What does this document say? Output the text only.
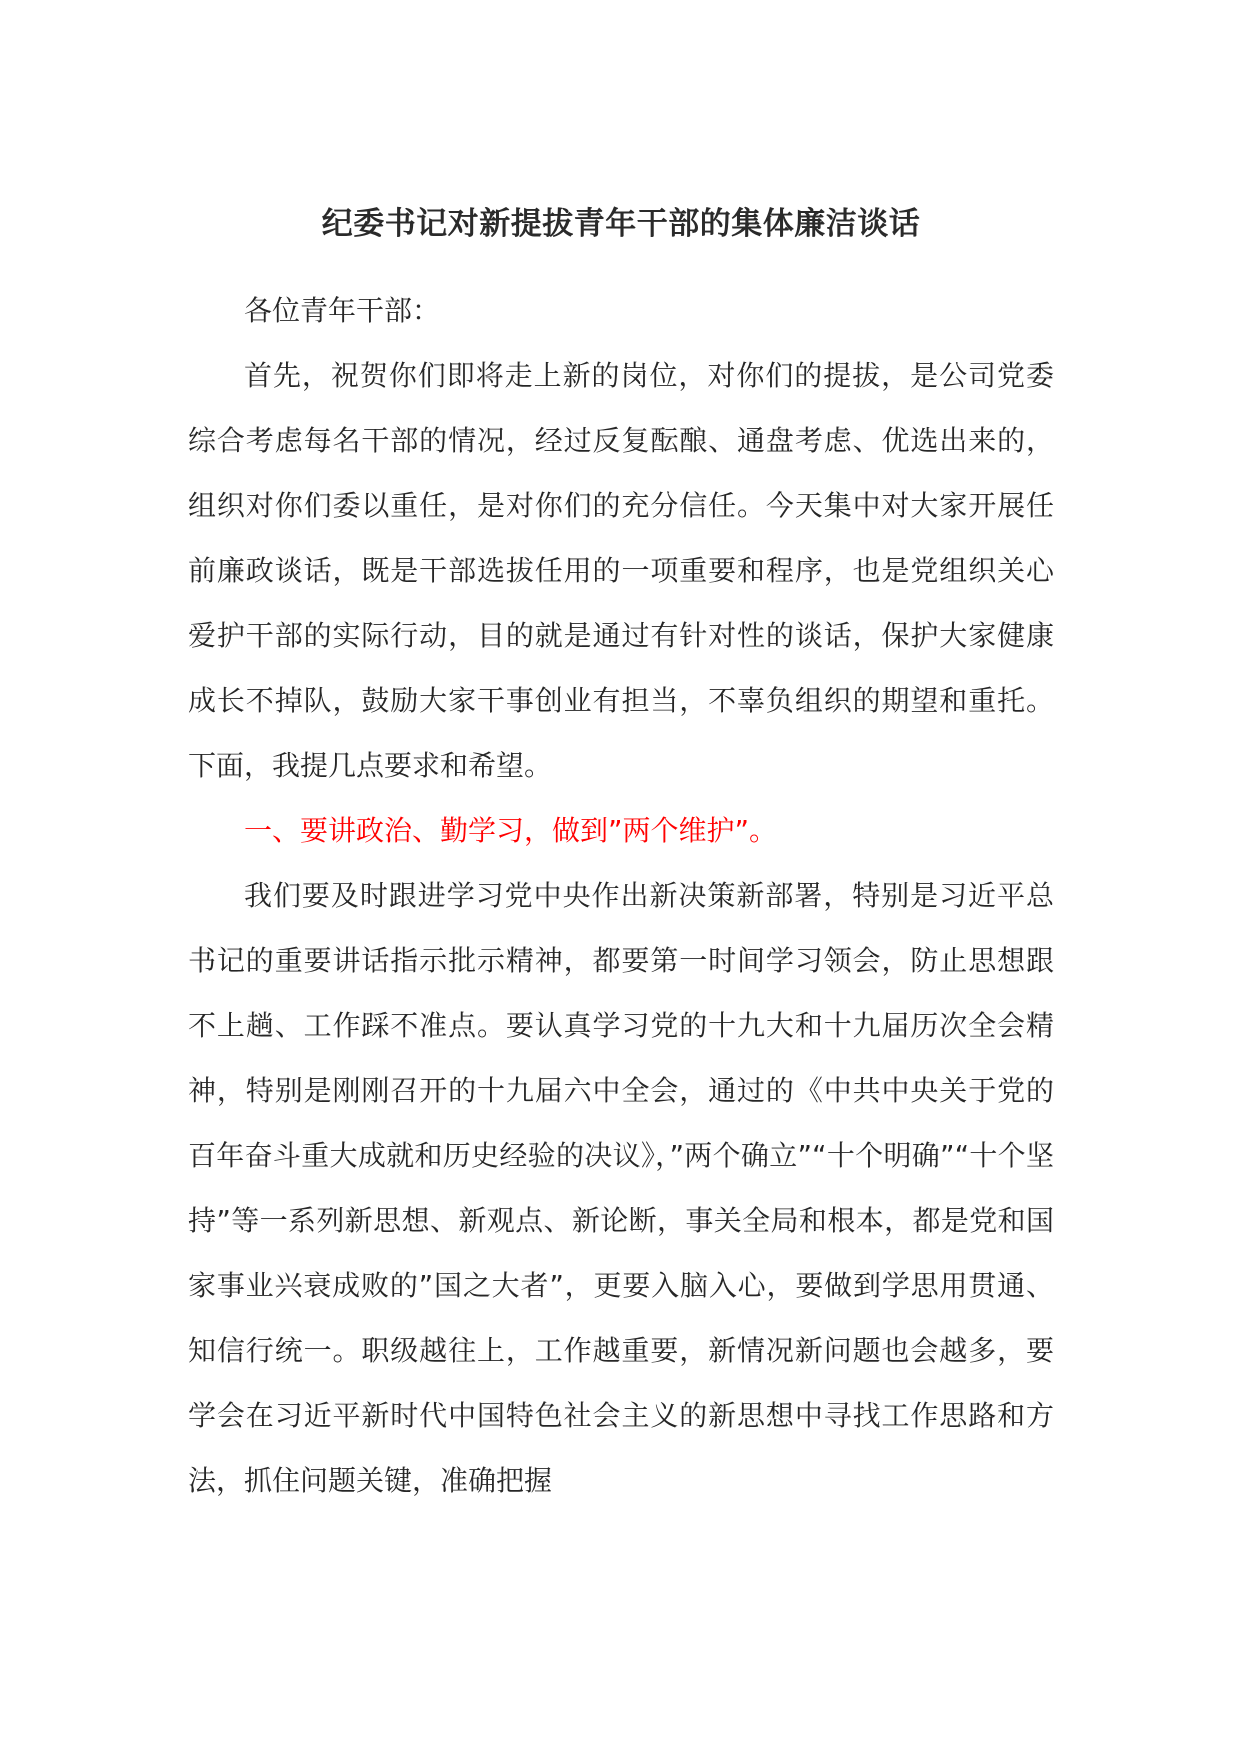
纪委书记对新提拔青年干部的集体廉洁谈话

各位青年干部：

首先，祝贺你们即将走上新的岗位，对你们的提拔，是公司党委综合考虑每名干部的情况，经过反复酝酿、通盘考虑、优选出来的，组织对你们委以重任，是对你们的充分信任。今天集中对大家开展任前廉政谈话，既是干部选拔任用的一项重要和程序，也是党组织关心爱护干部的实际行动，目的就是通过有针对性的谈话，保护大家健康成长不掉队，鼓励大家干事创业有担当，不辜负组织的期望和重托。下面，我提几点要求和希望。

一、要讲政治、勤学习，做到”两个维护”。

我们要及时跟进学习党中央作出新决策新部署，特别是习近平总书记的重要讲话指示批示精神，都要第一时间学习领会，防止思想跟不上趟、工作踩不准点。要认真学习党的十九大和十九届历次全会精神，特别是刚刚召开的十九届六中全会，通过的《中共中央关于党的百年奋斗重大成就和历史经验的决议》，”两个确立”“十个明确”“十个坚持”等一系列新思想、新观点、新论断，事关全局和根本，都是党和国家事业兴衰成败的”国之大者”，更要入脑入心，要做到学思用贯通、知信行统一。职级越往上，工作越重要，新情况新问题也会越多，要学会在习近平新时代中国特色社会主义的新思想中寻找工作思路和方法，抓住问题关键，准确把握
